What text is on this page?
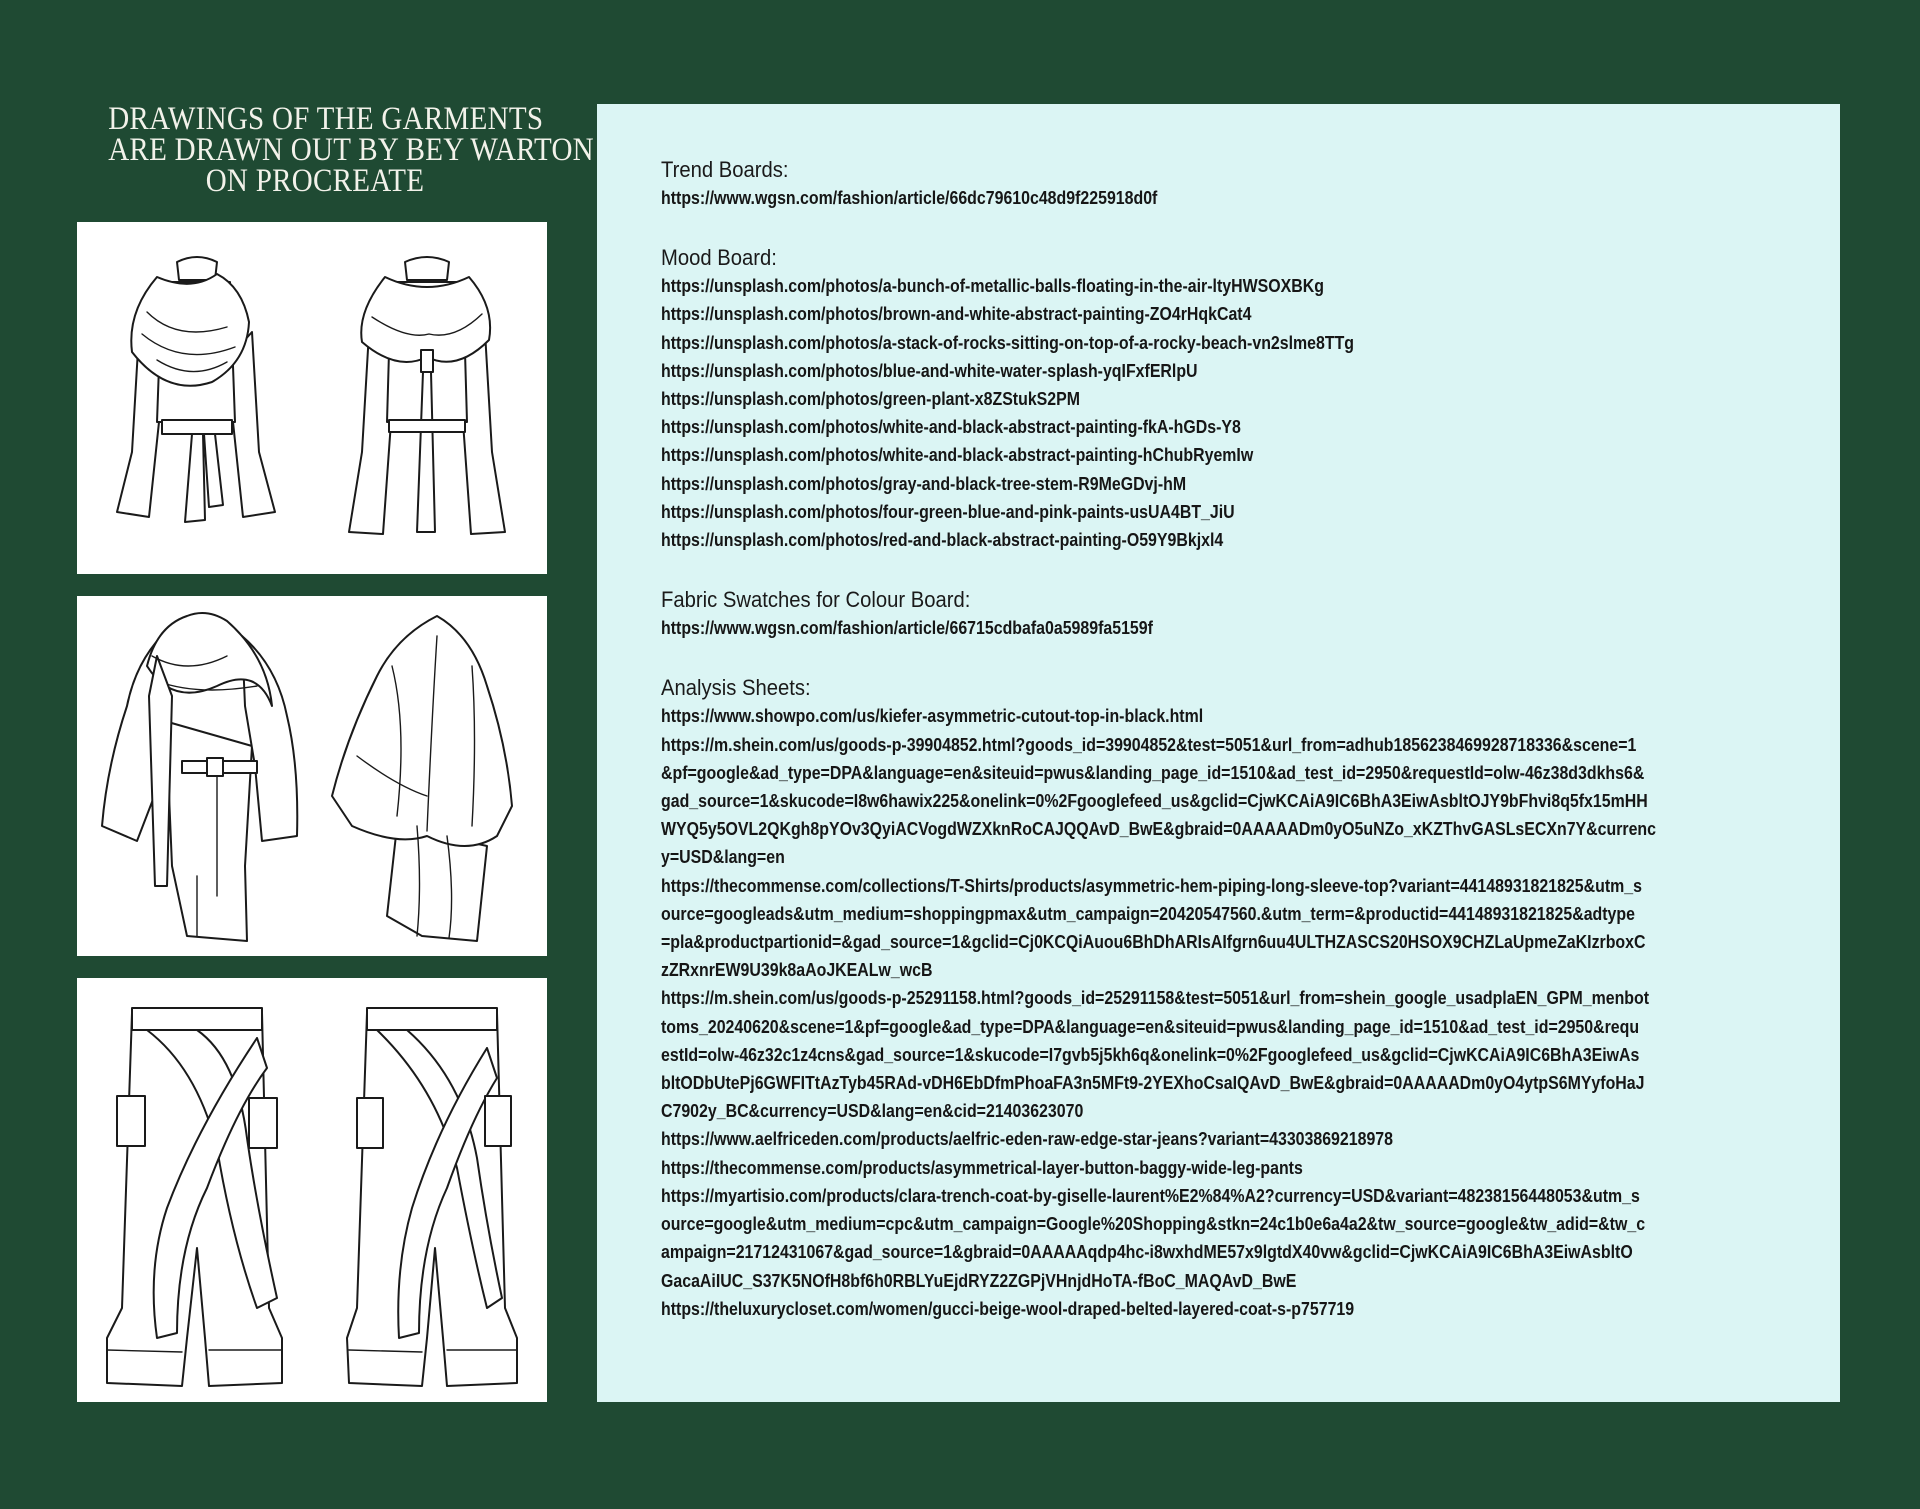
DRAWINGS OF THE GARMENTS
ARE DRAWN OUT BY BEY WARTON
ON PROCREATE	Trend Boards:
https://www.wgsn.com/fashion/article/66dc79610c48d9f225918d0f
Mood Board:
https://unsplash.com/photos/a-bunch-of-metallic-balls-floating-in-the-air-ltyHWSOXBKg
https://unsplash.com/photos/brown-and-white-abstract-painting-ZO4rHqkCat4
https://unsplash.com/photos/a-stack-of-rocks-sitting-on-top-of-a-rocky-beach-vn2slme8TTg
https://unsplash.com/photos/blue-and-white-water-splash-yqIFxfERlpU
https://unsplash.com/photos/green-plant-x8ZStukS2PM
https://unsplash.com/photos/white-and-black-abstract-painting-fkA-hGDs-Y8
https://unsplash.com/photos/white-and-black-abstract-painting-hChubRyemIw
https://unsplash.com/photos/gray-and-black-tree-stem-R9MeGDvj-hM
https://unsplash.com/photos/four-green-blue-and-pink-paints-usUA4BT_JiU
https://unsplash.com/photos/red-and-black-abstract-painting-O59Y9Bkjxl4
Fabric Swatches for Colour Board:
https://www.wgsn.com/fashion/article/66715cdbafa0a5989fa5159f
Analysis Sheets:
https://www.showpo.com/us/kiefer-asymmetric-cutout-top-in-black.html
https://m.shein.com/us/goods-p-39904852.html?goods_id=39904852&test=5051&url_from=adhub1856238469928718336&scene=1
&pf=google&ad_type=DPA&language=en&siteuid=pwus&landing_page_id=1510&ad_test_id=2950&requestId=olw-46z38d3dkhs6&
gad_source=1&skucode=I8w6hawix225&onelink=0%2Fgooglefeed_us&gclid=CjwKCAiA9IC6BhA3EiwAsbltOJY9bFhvi8q5fx15mHH
WYQ5y5OVL2QKgh8pYOv3QyiACVogdWZXknRoCAJQQAvD_BwE&gbraid=0AAAAADm0yO5uNZo_xKZThvGASLsECXn7Y&currenc
y=USD&lang=en
https://thecommense.com/collections/T-Shirts/products/asymmetric-hem-piping-long-sleeve-top?variant=44148931821825&utm_s
ource=googleads&utm_medium=shoppingpmax&utm_campaign=20420547560.&utm_term=&productid=44148931821825&adtype
=pla&productpartionid=&gad_source=1&gclid=Cj0KCQiAuou6BhDhARIsAIfgrn6uu4ULTHZASCS20HSOX9CHZLaUpmeZaKIzrboxC
zZRxnrEW9U39k8aAoJKEALw_wcB
https://m.shein.com/us/goods-p-25291158.html?goods_id=25291158&test=5051&url_from=shein_google_usadplaEN_GPM_menbot
toms_20240620&scene=1&pf=google&ad_type=DPA&language=en&siteuid=pwus&landing_page_id=1510&ad_test_id=2950&requ
estId=olw-46z32c1z4cns&gad_source=1&skucode=I7gvb5j5kh6q&onelink=0%2Fgooglefeed_us&gclid=CjwKCAiA9IC6BhA3EiwAs
bltODbUtePj6GWFITtAzTyb45RAd-vDH6EbDfmPhoaFA3n5MFt9-2YEXhoCsaIQAvD_BwE&gbraid=0AAAAADm0yO4ytpS6MYyfoHaJ
C7902y_BC&currency=USD&lang=en&cid=21403623070
https://www.aelfriceden.com/products/aelfric-eden-raw-edge-star-jeans?variant=43303869218978
https://thecommense.com/products/asymmetrical-layer-button-baggy-wide-leg-pants
https://myartisio.com/products/clara-trench-coat-by-giselle-laurent%E2%84%A2?currency=USD&variant=48238156448053&utm_s
ource=google&utm_medium=cpc&utm_campaign=Google%20Shopping&stkn=24c1b0e6a4a2&tw_source=google&tw_adid=&tw_c
ampaign=21712431067&gad_source=1&gbraid=0AAAAAqdp4hc-i8wxhdME57x9lgtdX40vw&gclid=CjwKCAiA9IC6BhA3EiwAsbltO
GacaAiIUC_S37K5NOfH8bf6h0RBLYuEjdRYZ2ZGPjVHnjdHoTA-fBoC_MAQAvD_BwE
https://theluxurycloset.com/women/gucci-beige-wool-draped-belted-layered-coat-s-p757719
